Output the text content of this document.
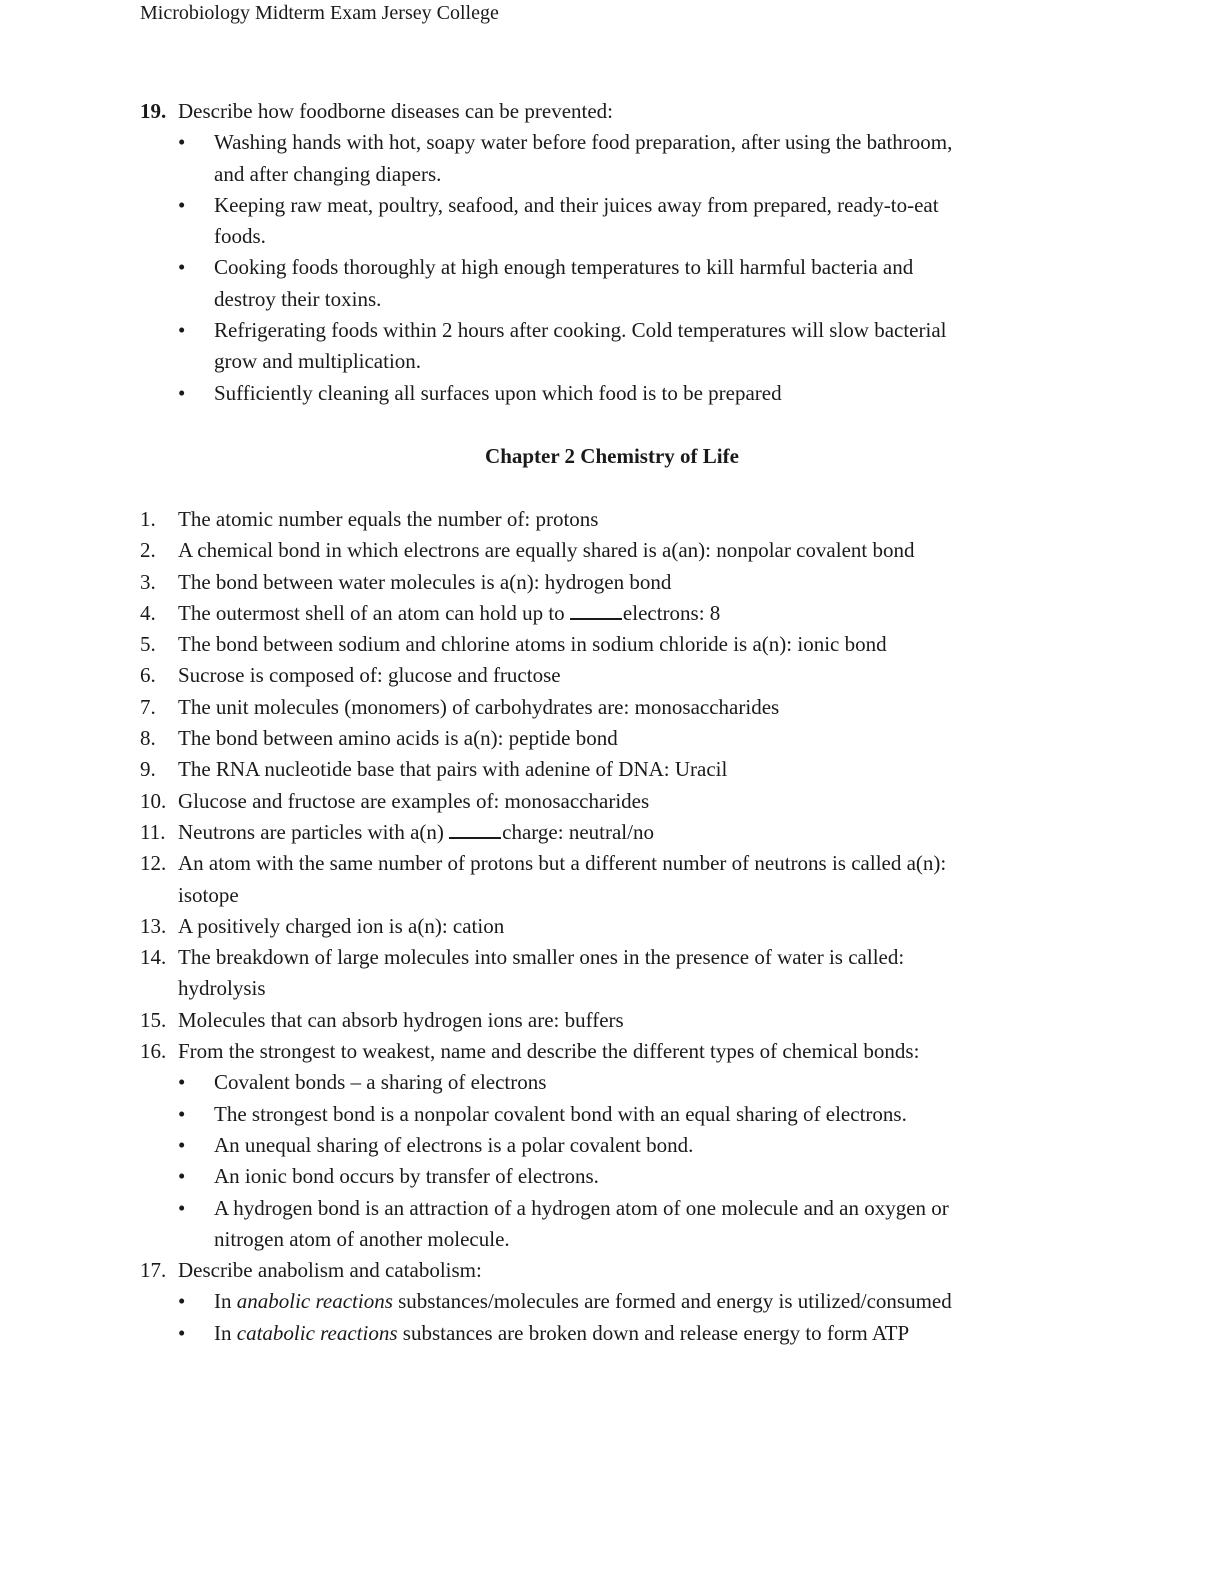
Microbiology Midterm Exam Jersey College
19. Describe how foodborne diseases can be prevented:
• Washing hands with hot, soapy water before food preparation, after using the bathroom,
and after changing diapers.
• Keeping raw meat, poultry, seafood, and their juices away from prepared, ready-to-eat
foods.
• Cooking foods thoroughly at high enough temperatures to kill harmful bacteria and
destroy their toxins.
• Refrigerating foods within 2 hours after cooking. Cold temperatures will slow bacterial
grow and multiplication.
• Sufficiently cleaning all surfaces upon which food is to be prepared
Chapter 2 Chemistry of Life
1. The atomic number equals the number of: protons
2. A chemical bond in which electrons are equally shared is a(an): nonpolar covalent bond
3. The bond between water molecules is a(n): hydrogen bond
4. The outermost shell of an atom can hold up to	electrons: 8
5. The bond between sodium and chlorine atoms in sodium chloride is a(n): ionic bond
6. Sucrose is composed of: glucose and fructose
7. The unit molecules (monomers) of carbohydrates are: monosaccharides
8. The bond between amino acids is a(n): peptide bond
9. The RNA nucleotide base that pairs with adenine of DNA: Uracil
10. Glucose and fructose are examples of: monosaccharides
11. Neutrons are particles with a(n)	charge: neutral/no
12. An atom with the same number of protons but a different number of neutrons is called a(n):
isotope
13. A positively charged ion is a(n): cation
14. The breakdown of large molecules into smaller ones in the presence of water is called:
hydrolysis
15. Molecules that can absorb hydrogen ions are: buffers
16. From the strongest to weakest, name and describe the different types of chemical bonds:
• Covalent bonds – a sharing of electrons
• The strongest bond is a nonpolar covalent bond with an equal sharing of electrons.
• An unequal sharing of electrons is a polar covalent bond.
• An ionic bond occurs by transfer of electrons.
• A hydrogen bond is an attraction of a hydrogen atom of one molecule and an oxygen or
nitrogen atom of another molecule.
17. Describe anabolism and catabolism:
• In anabolic reactions substances/molecules are formed and energy is utilized/consumed
• In catabolic reactions substances are broken down and release energy to form ATP
